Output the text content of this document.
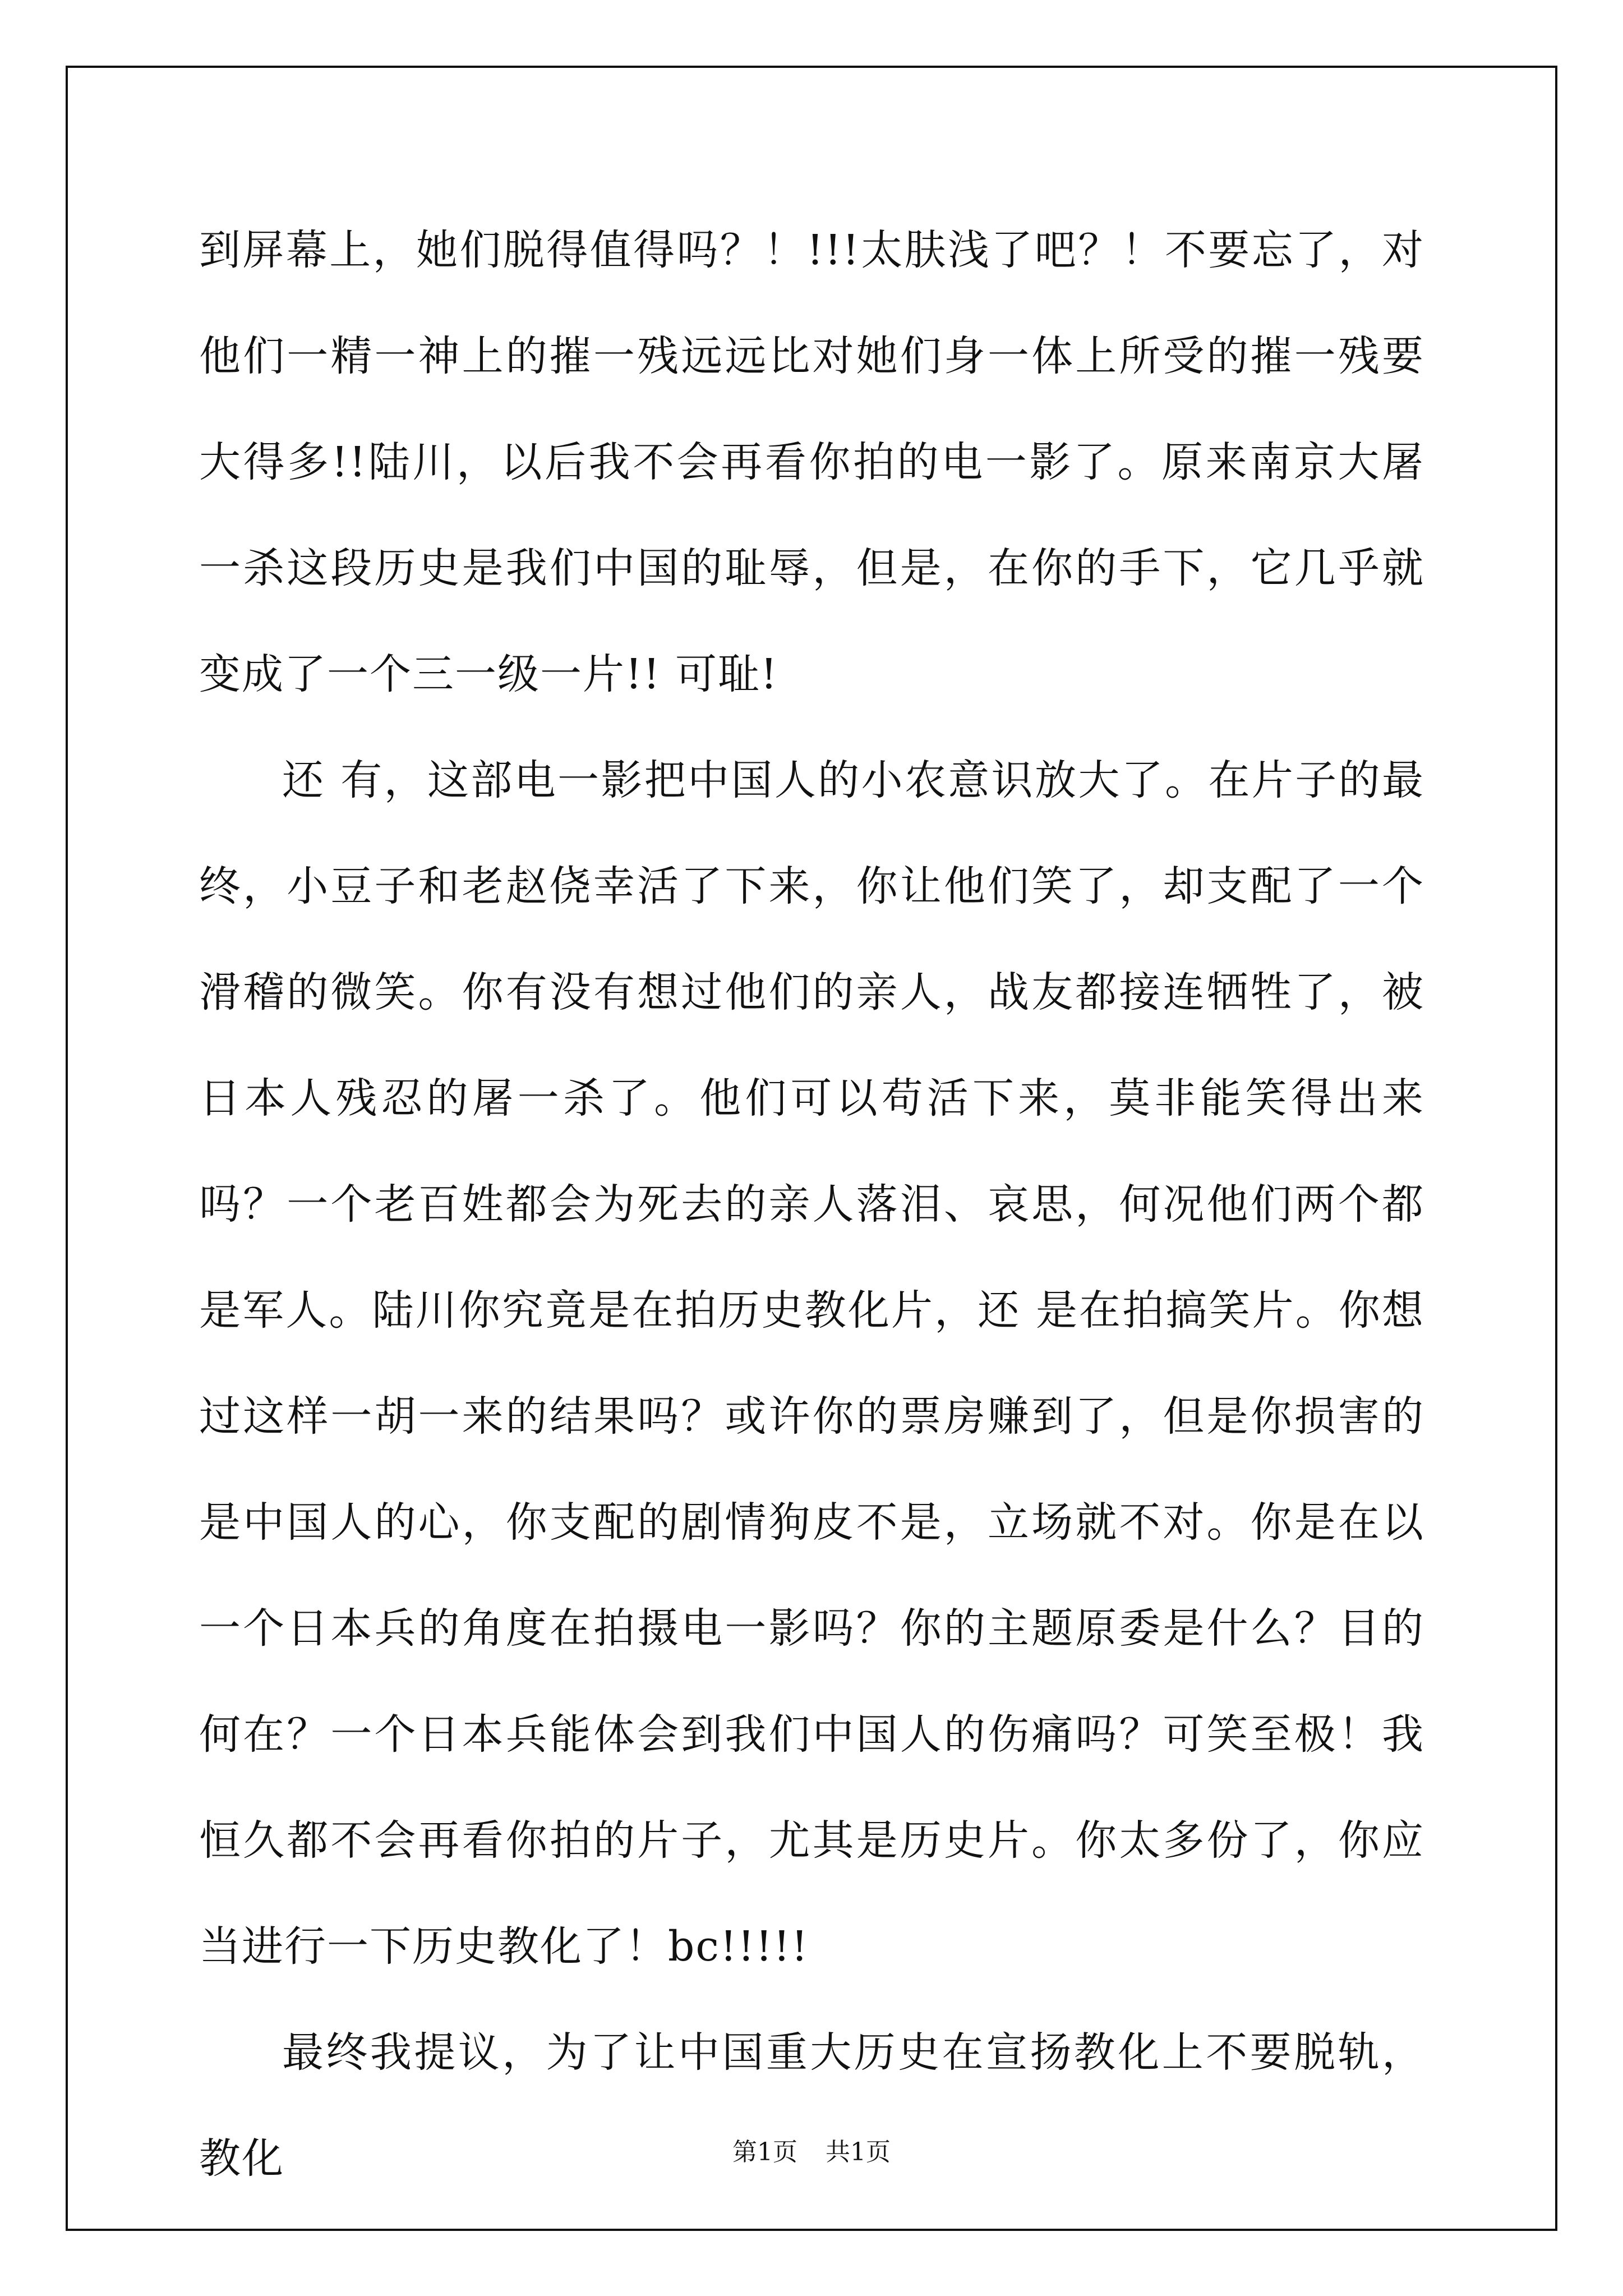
到屏幕上，她们脱得值得吗？！!!!太肤浅了吧？！不要忘了，对他们一精一神上的摧一残远远比对她们身一体上所受的摧一残要大得多!!陆川，以后我不会再看你拍的电一影了。原来南京大屠一杀这段历史是我们中国的耻辱，但是，在你的手下，它几乎就变成了一个三一级一片!! 可耻!

还 有，这部电一影把中国人的小农意识放大了。在片子的最终，小豆子和老赵侥幸活了下来，你让他们笑了，却支配了一个滑稽的微笑。你有没有想过他们的亲人，战友都接连牺牲了，被日本人残忍的屠一杀了。他们可以苟活下来，莫非能笑得出来吗？一个老百姓都会为死去的亲人落泪、哀思，何况他们两个都是军人。陆川你究竟是在拍历史教化片，还 是在拍搞笑片。你想过这样一胡一来的结果吗？或许你的票房赚到了，但是你损害的是中国人的心，你支配的剧情狗皮不是，立场就不对。你是在以一个日本兵的角度在拍摄电一影吗？你的主题原委是什么？目的何在？一个日本兵能体会到我们中国人的伤痛吗？可笑至极！我恒久都不会再看你拍的片子，尤其是历史片。你太多份了，你应当进行一下历史教化了！bc!!!!!

最终我提议，为了让中国重大历史在宣扬教化上不要脱轨，教化	第1页 共1页
